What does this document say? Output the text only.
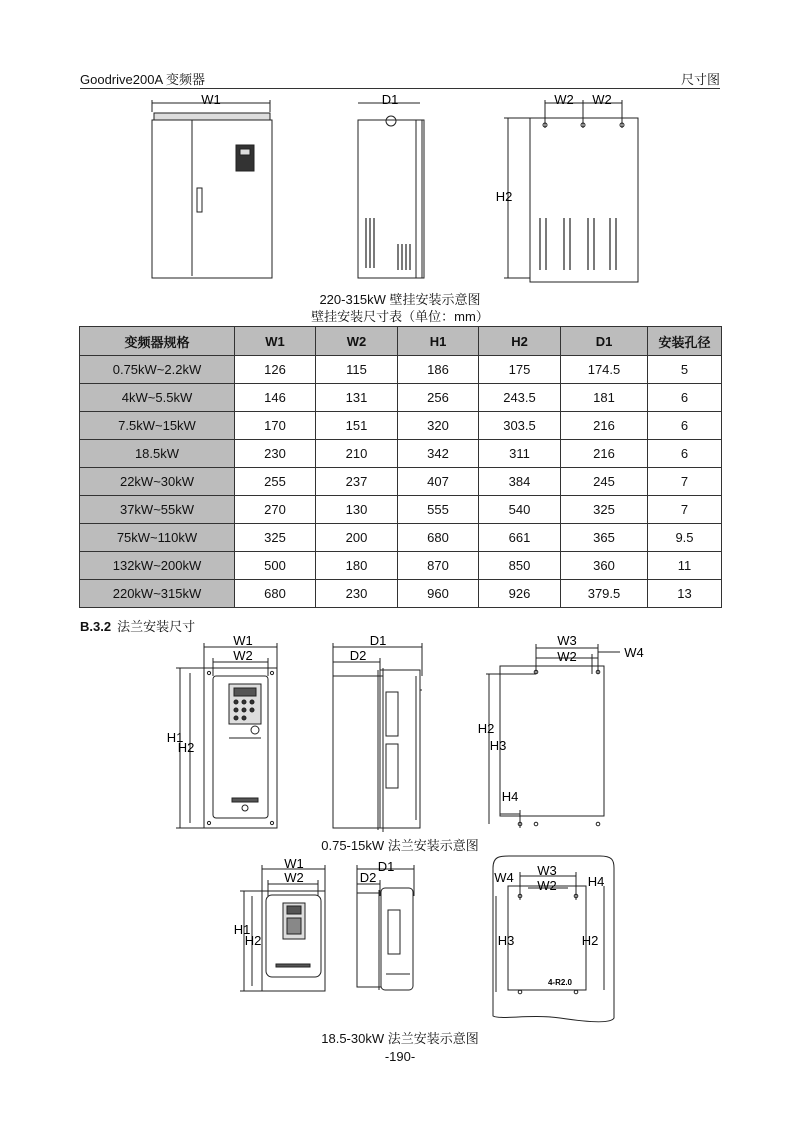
Goodrive200A 变频器	尺寸图
W1	D1	W2 W2
H2
220-315kW 壁挂安装示意图
壁挂安装尺寸表（单位：mm）
变频器规格	W1	W2	H1	H2	D1	安装孔径
0.75kW~2.2kW	126	115	186	175	174.5	5
4kW~5.5kW	146	131	256	243.5	181	6
7.5kW~15kW	170	151	320	303.5	216	6
18.5kW	230	210	342	311	216	6
22kW~30kW	255	237	407	384	245	7
37kW~55kW	270	130	555	540	325	7
75kW~110kW	325	200	680	661	365	9.5
132kW~200kW	500	180	870	850	360	11
220kW~315kW	680	230	960	926	379.5	13
B.3.2 法兰安装尺寸
W1
W2
H1
H2
D1
D2
W3
W2	W4
H2
H3
H4
0.75-15kW 法兰安装示意图
W1
W2
H1
H2
D1
D2	W3
W2
W4	H4
H3	H2
4-R2.0
18.5-30kW 法兰安装示意图
-190-
